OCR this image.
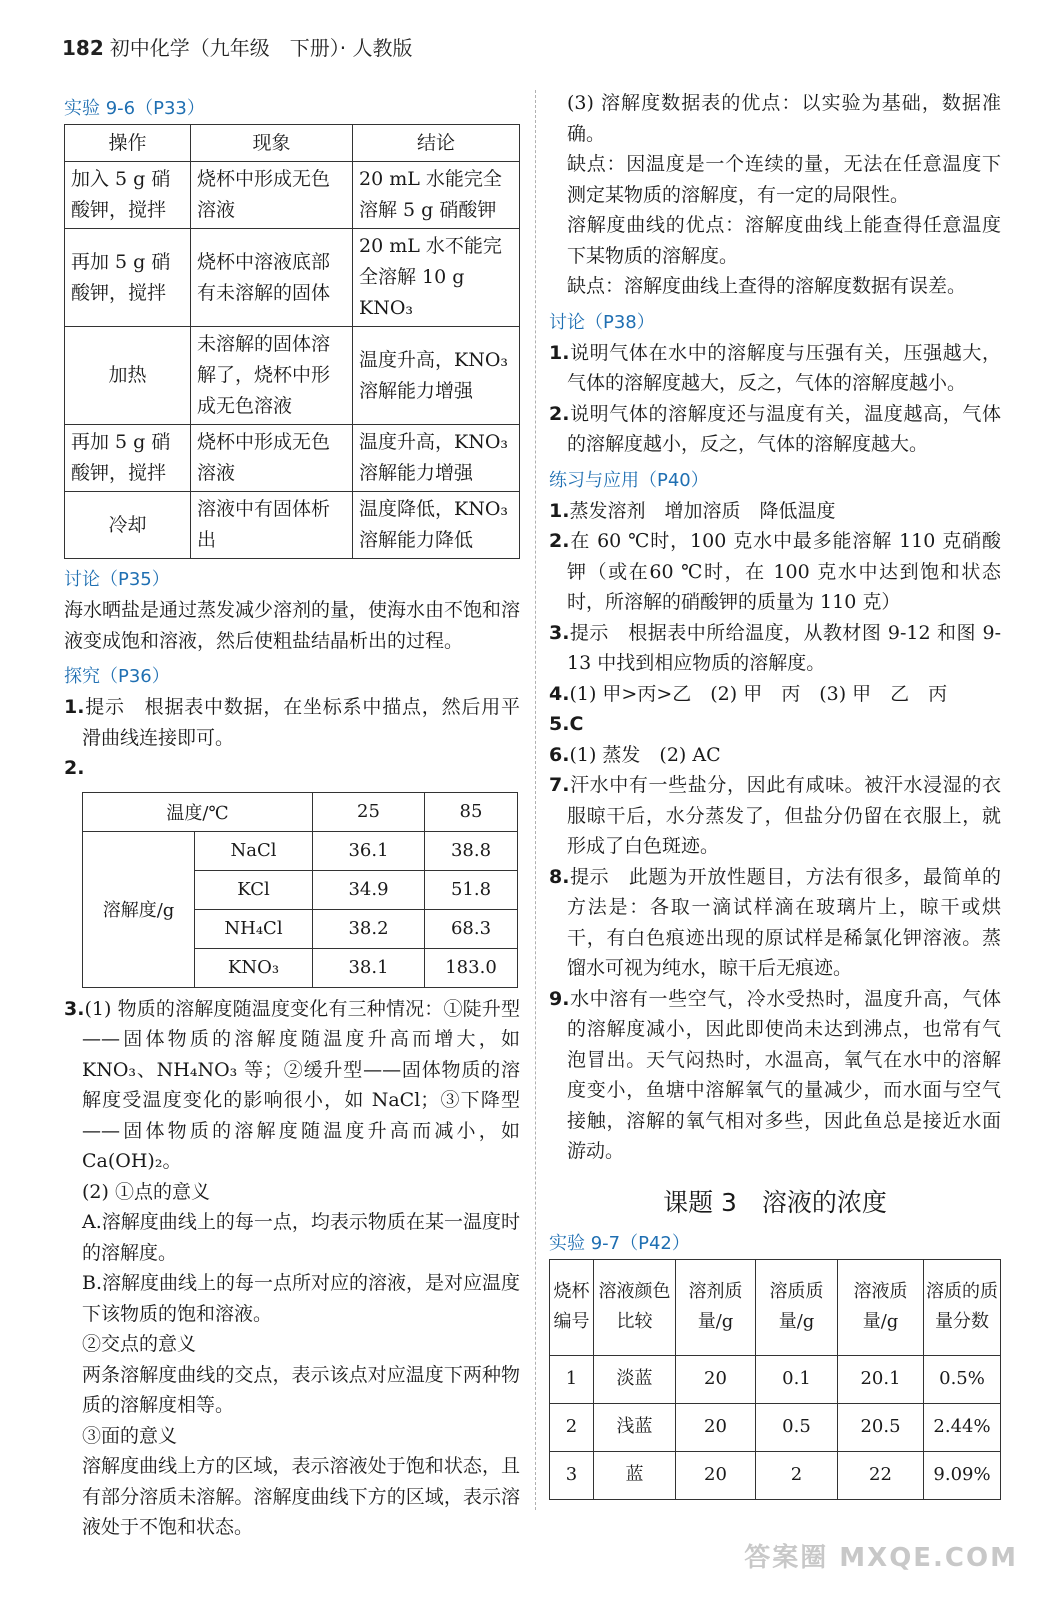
182 初中化学（九年级　下册）· 人教版
实验 9-6（P33）
操作	现象	结论
加入 5 g 硝酸钾，搅拌	烧杯中形成无色溶液	20 mL 水能完全溶解 5 g 硝酸钾
再加 5 g 硝酸钾，搅拌	烧杯中溶液底部有未溶解的固体	20 mL 水不能完全溶解 10 g KNO₃
加热	未溶解的固体溶解了，烧杯中形成无色溶液	温度升高，KNO₃ 溶解能力增强
再加 5 g 硝酸钾，搅拌	烧杯中形成无色溶液	温度升高，KNO₃ 溶解能力增强
冷却	溶液中有固体析出	温度降低，KNO₃ 溶解能力降低
讨论（P35）

海水晒盐是通过蒸发减少溶剂的量，使海水由不饱和溶液变成饱和溶液，然后使粗盐结晶析出的过程。

探究（P36）

1.提示　根据表中数据，在坐标系中描点，然后用平滑曲线连接即可。

2.

温度/℃		25	85
溶解度/g	NaCl	36.1	38.8
	KCl	34.9	51.8
	NH₄Cl	38.2	68.3
	KNO₃	38.1	183.0

3.(1) 物质的溶解度随温度变化有三种情况：①陡升型——固体物质的溶解度随温度升高而增大，如 KNO₃、NH₄NO₃ 等；②缓升型——固体物质的溶解度受温度变化的影响很小，如 NaCl；③下降型——固体物质的溶解度随温度升高而减小，如 Ca(OH)₂。

(2) ①点的意义

A.溶解度曲线上的每一点，均表示物质在某一温度时的溶解度。

B.溶解度曲线上的每一点所对应的溶液，是对应温度下该物质的饱和溶液。

②交点的意义

两条溶解度曲线的交点，表示该点对应温度下两种物质的溶解度相等。

③面的意义

溶解度曲线上方的区域，表示溶液处于饱和状态，且有部分溶质未溶解。溶解度曲线下方的区域，表示溶液处于不饱和状态。

(3) 溶解度数据表的优点：以实验为基础，数据准确。

缺点：因温度是一个连续的量，无法在任意温度下测定某物质的溶解度，有一定的局限性。

溶解度曲线的优点：溶解度曲线上能查得任意温度下某物质的溶解度。

缺点：溶解度曲线上查得的溶解度数据有误差。

讨论（P38）

1.说明气体在水中的溶解度与压强有关，压强越大，气体的溶解度越大，反之，气体的溶解度越小。

2.说明气体的溶解度还与温度有关，温度越高，气体的溶解度越小，反之，气体的溶解度越大。

练习与应用（P40）

1.蒸发溶剂　增加溶质　降低温度

2.在 60 ℃时，100 克水中最多能溶解 110 克硝酸钾（或在60 ℃时，在 100 克水中达到饱和状态时，所溶解的硝酸钾的质量为 110 克）

3.提示　根据表中所给温度，从教材图 9-12 和图 9-13 中找到相应物质的溶解度。

4.(1) 甲>丙>乙　(2) 甲　丙　(3) 甲　乙　丙

5.C

6.(1) 蒸发　(2) AC

7.汗水中有一些盐分，因此有咸味。被汗水浸湿的衣服晾干后，水分蒸发了，但盐分仍留在衣服上，就形成了白色斑迹。

8.提示　此题为开放性题目，方法有很多，最简单的方法是：各取一滴试样滴在玻璃片上，晾干或烘干，有白色痕迹出现的原试样是稀氯化钾溶液。蒸馏水可视为纯水，晾干后无痕迹。

9.水中溶有一些空气，冷水受热时，温度升高，气体的溶解度减小，因此即使尚未达到沸点，也常有气泡冒出。天气闷热时，水温高，氧气在水中的溶解度变小，鱼塘中溶解氧气的量减少，而水面与空气接触，溶解的氧气相对多些，因此鱼总是接近水面游动。

课题 3　溶液的浓度
实验 9-7（P42）
烧杯编号	溶液颜色比较	溶剂质量/g	溶质质量/g	溶液质量/g	溶质的质量分数
1	淡蓝	20	0.1	20.1	0.5%
2	浅蓝	20	0.5	20.5	2.44%
3	蓝	20	2	22	9.09%
答案圈 MXQE.COM
